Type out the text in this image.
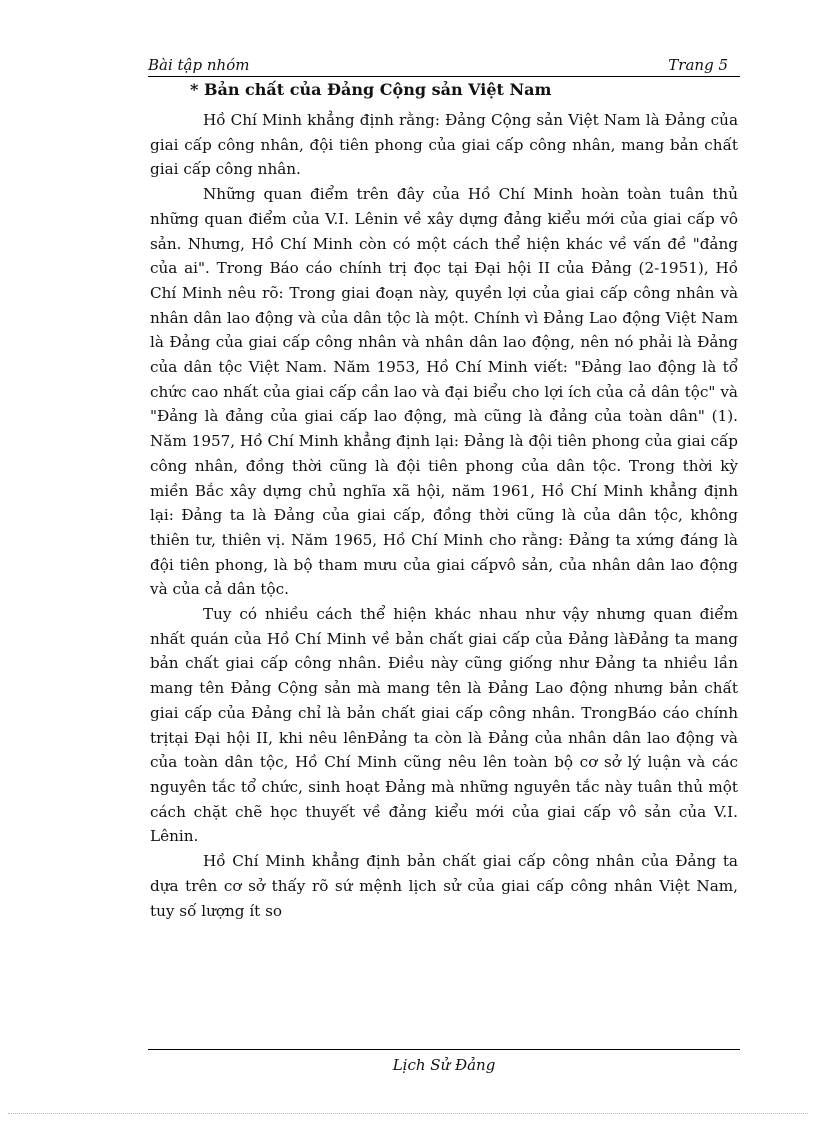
Bài tập nhóm	Trang 5
* Bản chất của Đảng Cộng sản Việt Nam

Hồ Chí Minh khẳng định rằng: Đảng Cộng sản Việt Nam là Đảng của giai cấp công nhân, đội tiên phong của giai cấp công nhân, mang bản chất giai cấp công nhân.

Những quan điểm trên đây của Hồ Chí Minh hoàn toàn tuân thủ những quan điểm của V.I. Lênin về xây dựng đảng kiểu mới của giai cấp vô sản. Nhưng, Hồ Chí Minh còn có một cách thể hiện khác về vấn đề "đảng của ai". Trong Báo cáo chính trị đọc tại Đại hội II của Đảng (2-1951), Hồ Chí Minh nêu rõ: Trong giai đoạn này, quyền lợi của giai cấp công nhân và nhân dân lao động và của dân tộc là một. Chính vì Đảng Lao động Việt Nam là Đảng của giai cấp công nhân và nhân dân lao động, nên nó phải là Đảng của dân tộc Việt Nam. Năm 1953, Hồ Chí Minh viết: "Đảng lao động là tổ chức cao nhất của giai cấp cần lao và đại biểu cho lợi ích của cả dân tộc" và "Đảng là đảng của giai cấp lao động, mà cũng là đảng của toàn dân" (1). Năm 1957, Hồ Chí Minh khẳng định lại: Đảng là đội tiên phong của giai cấp công nhân, đồng thời cũng là đội tiên phong của dân tộc. Trong thời kỳ miền Bắc xây dựng chủ nghĩa xã hội, năm 1961, Hồ Chí Minh khẳng định lại: Đảng ta là Đảng của giai cấp, đồng thời cũng là của dân tộc, không thiên tư, thiên vị. Năm 1965, Hồ Chí Minh cho rằng: Đảng ta xứng đáng là đội tiên phong, là bộ tham mưu của giai cấpvô sản, của nhân dân lao động và của cả dân tộc.

Tuy có nhiều cách thể hiện khác nhau như vậy nhưng quan điểm nhất quán của Hồ Chí Minh về bản chất giai cấp của Đảng làĐảng ta mang bản chất giai cấp công nhân. Điều này cũng giống như Đảng ta nhiều lần mang tên Đảng Cộng sản mà mang tên là Đảng Lao động nhưng bản chất giai cấp của Đảng chỉ là bản chất giai cấp công nhân. TrongBáo cáo chính trịtại Đại hội II, khi nêu lênĐảng ta còn là Đảng của nhân dân lao động và của toàn dân tộc, Hồ Chí Minh cũng nêu lên toàn bộ cơ sở lý luận và các nguyên tắc tổ chức, sinh hoạt Đảng mà những nguyên tắc này tuân thủ một cách chặt chẽ học thuyết về đảng kiểu mới của giai cấp vô sản của V.I. Lênin.

Hồ Chí Minh khẳng định bản chất giai cấp công nhân của Đảng ta dựa trên cơ sở thấy rõ sứ mệnh lịch sử của giai cấp công nhân Việt Nam, tuy số lượng ít so

Lịch Sử Đảng
